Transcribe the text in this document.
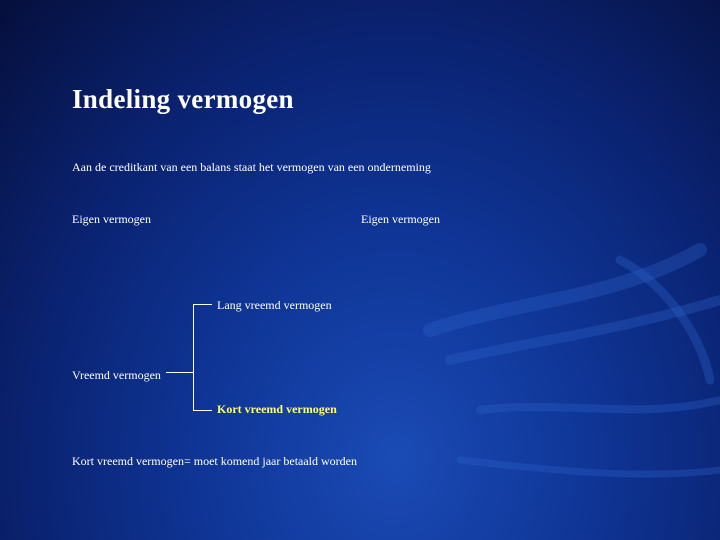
Indeling vermogen
Aan de creditkant van een balans staat het vermogen van een onderneming
Eigen vermogen	Eigen vermogen
Lang vreemd vermogen
Vreemd vermogen
Kort vreemd vermogen
Kort vreemd vermogen= moet komend jaar betaald worden
